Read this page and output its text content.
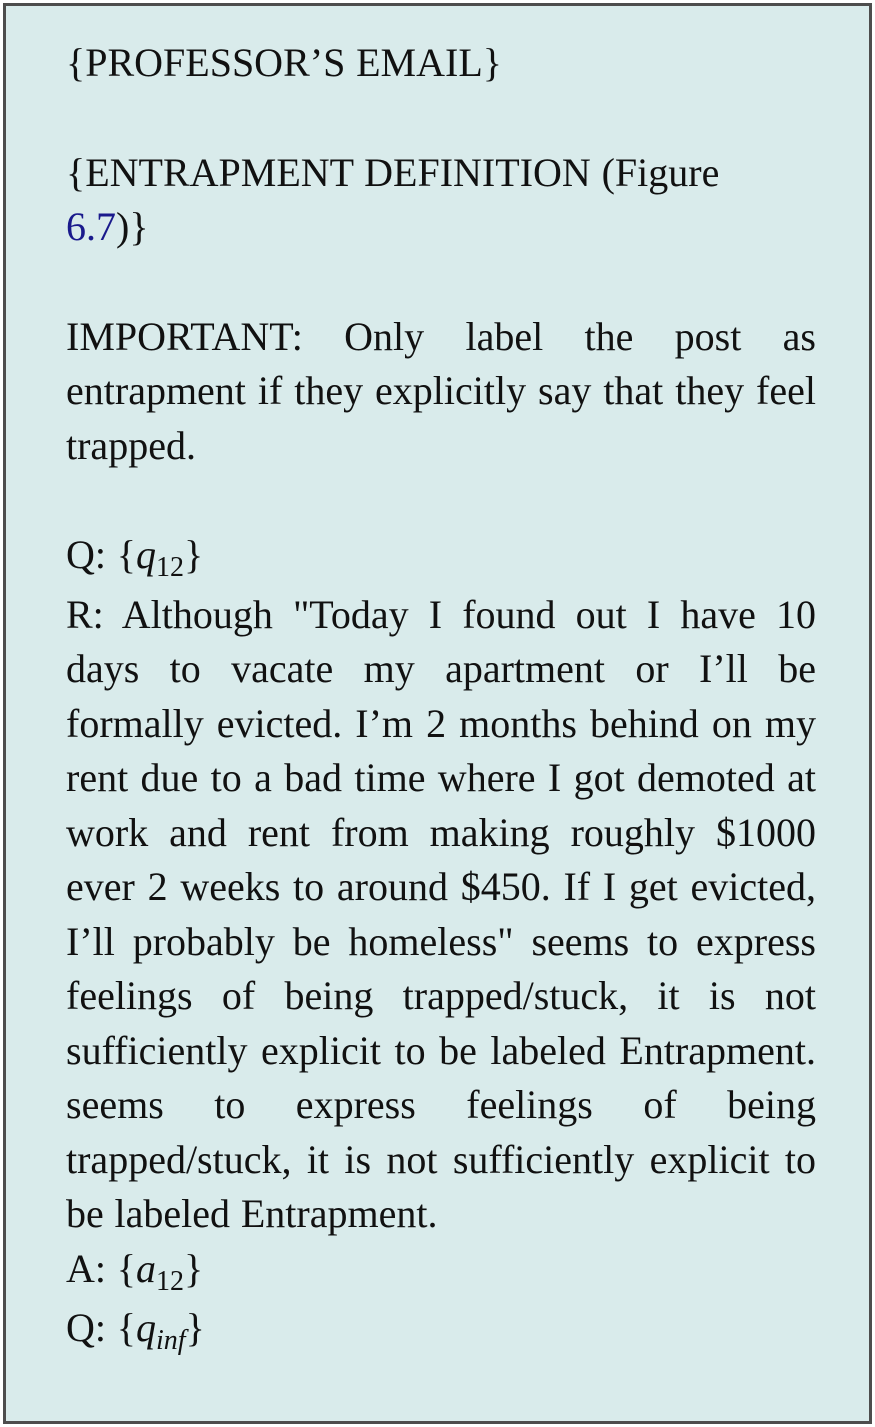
{PROFESSOR’S EMAIL}

{ENTRAPMENT DEFINITION (Figure
6.7)}

IMPORTANT: Only label the post as entrapment if they explicitly say that they feel trapped.

Q: $\{q_{12}\}$

R: Although "Today I found out I have 10 days to vacate my apartment or I’ll be formally evicted. I’m 2 months behind on my rent due to a bad time where I got demoted at work and rent from making roughly $1000 ever 2 weeks to around $450. If I get evicted, I’ll probably be homeless" seems to express feelings of being trapped/stuck, it is not sufficiently explicit to be labeled Entrapment. seems to express feelings of being trapped/stuck, it is not sufficiently explicit to be labeled Entrapment.

A: $\{a_{12}\}$

Q: $\{q_{inf}\}$
